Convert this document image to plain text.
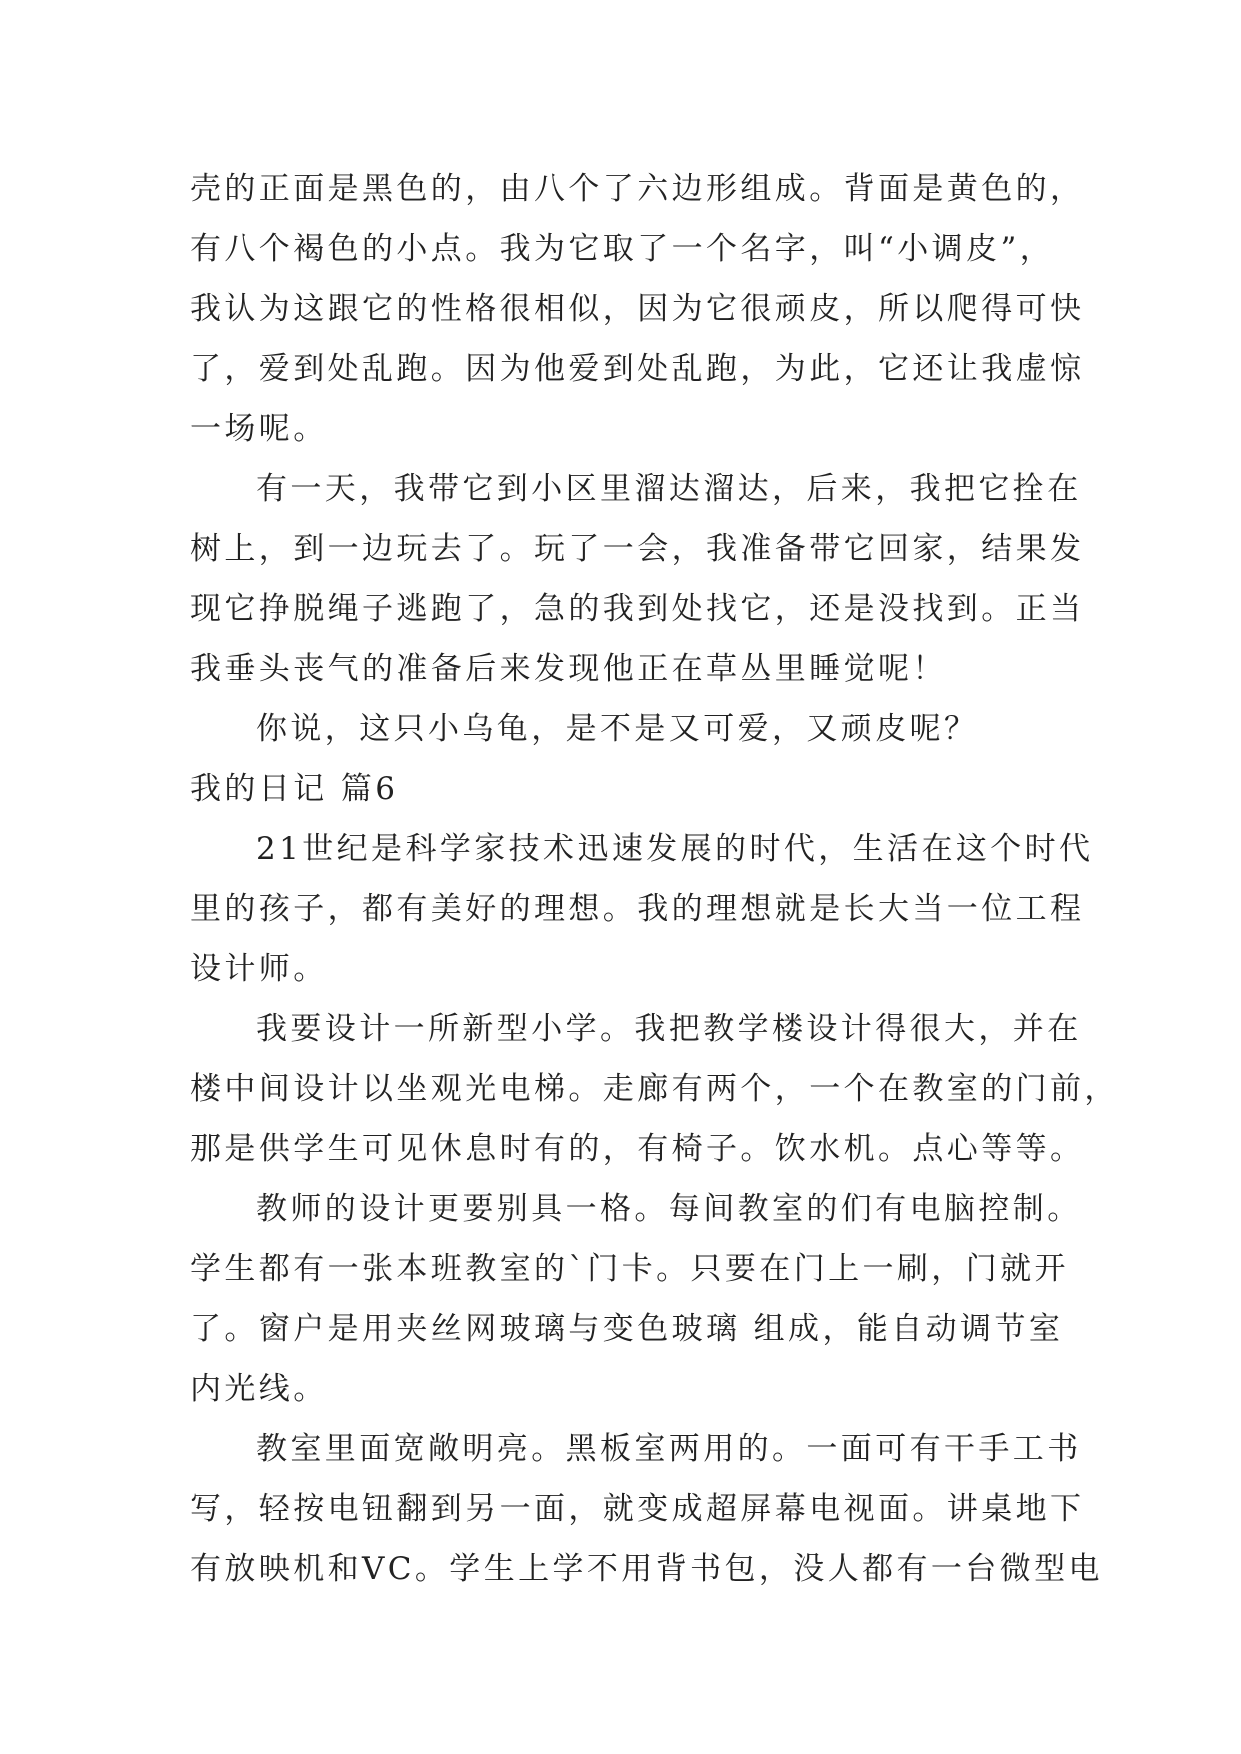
壳的正面是黑色的，由八个了六边形组成。背面是黄色的，
有八个褐色的小点。我为它取了一个名字，叫“小调皮”，
我认为这跟它的性格很相似，因为它很顽皮，所以爬得可快
了，爱到处乱跑。因为他爱到处乱跑，为此，它还让我虚惊
一场呢。
有一天，我带它到小区里溜达溜达，后来，我把它拴在
树上，到一边玩去了。玩了一会，我准备带它回家，结果发
现它挣脱绳子逃跑了，急的我到处找它，还是没找到。正当
我垂头丧气的准备后来发现他正在草丛里睡觉呢！
你说，这只小乌龟，是不是又可爱，又顽皮呢？
我的日记 篇6
21世纪是科学家技术迅速发展的时代，生活在这个时代
里的孩子，都有美好的理想。我的理想就是长大当一位工程
设计师。
我要设计一所新型小学。我把教学楼设计得很大，并在
楼中间设计以坐观光电梯。走廊有两个，一个在教室的门前，
那是供学生可见休息时有的，有椅子。饮水机。点心等等。
教师的设计更要别具一格。每间教室的们有电脑控制。
学生都有一张本班教室的`门卡。只要在门上一刷，门就开
了。窗户是用夹丝网玻璃与变色玻璃 组成，能自动调节室
内光线。
教室里面宽敞明亮。黑板室两用的。一面可有干手工书
写，轻按电钮翻到另一面，就变成超屏幕电视面。讲桌地下
有放映机和VC。学生上学不用背书包，没人都有一台微型电
